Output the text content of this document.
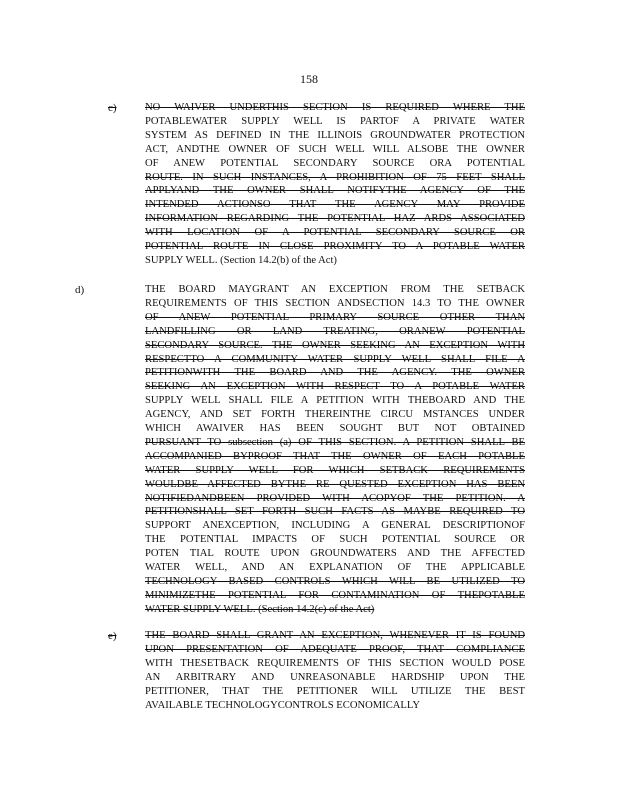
158
c)	NO WAIVER UNDERTHIS SECTION IS REQUIRED WHERE THE
POTABLEWATER SUPPLY WELL IS PARTOF A PRIVATE WATER
SYSTEM AS DEFINED IN THE ILLINOIS GROUNDWATER PROTECTION
ACT, ANDTHE OWNER OF SUCH WELL WILL ALSOBE THE OWNER
OF ANEW POTENTIAL SECONDARY SOURCE ORA POTENTIAL
ROUTE. IN SUCH INSTANCES, A PROHIBITION OF 75 FEET SHALL
APPLYAND THE OWNER SHALL NOTIFYTHE AGENCY OF THE
INTENDED ACTIONSO THAT THE AGENCY MAY PROVIDE
INFORMATION REGARDING THE POTENTIAL HAZ ARDS ASSOCIATED
WITH LOCATION OF A POTENTIAL SECONDARY SOURCE OR
POTENTIAL ROUTE IN CLOSE PROXIMITY TO A POTABLE WATER
SUPPLY WELL. (Section 14.2(b) of the Act)
d)	THE BOARD MAYGRANT AN EXCEPTION FROM THE SETBACK
REQUIREMENTS OF THIS SECTION ANDSECTION 14.3 TO THE OWNER
OF ANEW POTENTIAL PRIMARY SOURCE OTHER THAN
LANDFILLING OR LAND TREATING, ORANEW POTENTIAL
SECONDARY SOURCE. THE OWNER SEEKING AN EXCEPTION WITH
RESPECTTO A COMMUNITY WATER SUPPLY WELL SHALL FILE A
PETITIONWITH THE BOARD AND THE AGENCY. THE OWNER
SEEKING AN EXCEPTION WITH RESPECT TO A POTABLE WATER
SUPPLY WELL SHALL FILE A PETITION WITH THEBOARD AND THE
AGENCY, AND SET FORTH THEREINTHE CIRCU MSTANCES UNDER
WHICH AWAIVER HAS BEEN SOUGHT BUT NOT OBTAINED
PURSUANT TO subsection (a) OF THIS SECTION. A PETITION SHALL BE
ACCOMPANIED BYPROOF THAT THE OWNER OF EACH POTABLE
WATER SUPPLY WELL FOR WHICH SETBACK REQUIREMENTS
WOULDBE AFFECTED BYTHE RE QUESTED EXCEPTION HAS BEEN
NOTIFIEDANDBEEN PROVIDED WITH ACOPYOF THE PETITION. A
PETITIONSHALL SET FORTH SUCH FACTS AS MAYBE REQUIRED TO
SUPPORT ANEXCEPTION, INCLUDING A GENERAL DESCRIPTIONOF
THE POTENTIAL IMPACTS OF SUCH POTENTIAL SOURCE OR
POTEN TIAL ROUTE UPON GROUNDWATERS AND THE AFFECTED
WATER WELL, AND AN EXPLANATION OF THE APPLICABLE
TECHNOLOGY BASED CONTROLS WHICH WILL BE UTILIZED TO
MINIMIZETHE POTENTIAL FOR CONTAMINATION OF THEPOTABLE
WATER SUPPLY WELL. (Section 14.2(c) of the Act)
e)	THE BOARD SHALL GRANT AN EXCEPTION, WHENEVER IT IS FOUND
UPON PRESENTATION OF ADEQUATE PROOF, THAT COMPLIANCE
WITH THESETBACK REQUIREMENTS OF THIS SECTION WOULD POSE
AN ARBITRARY AND UNREASONABLE HARDSHIP UPON THE
PETITIONER, THAT THE PETITIONER WILL UTILIZE THE BEST
AVAILABLE TECHNOLOGYCONTROLS ECONOMICALLY
